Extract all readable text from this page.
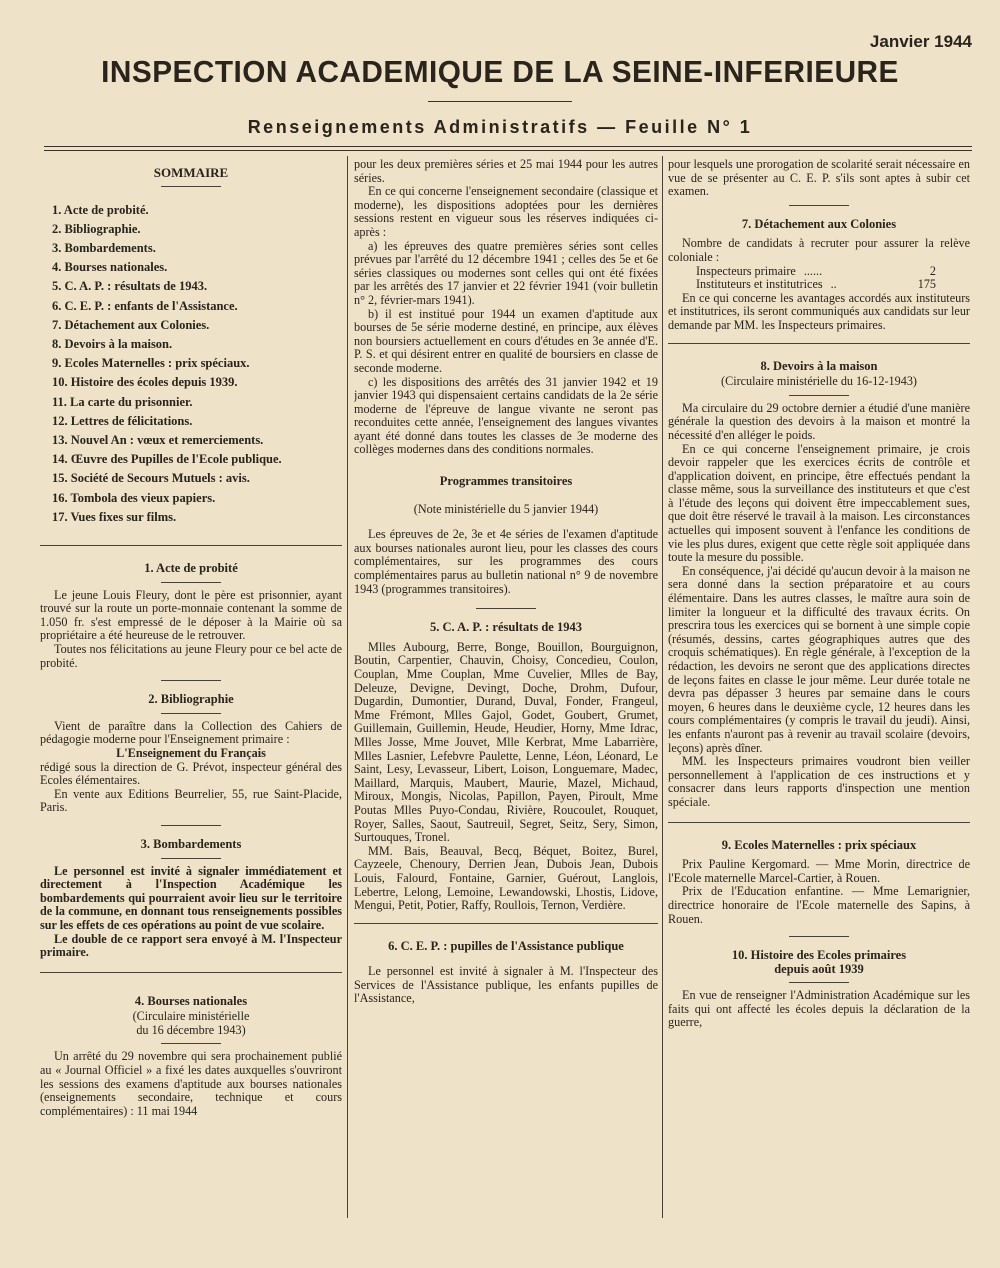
Janvier 1944
INSPECTION ACADEMIQUE DE LA SEINE-INFERIEURE
Renseignements Administratifs — Feuille N° 1
SOMMAIRE
1. Acte de probité.
2. Bibliographie.
3. Bombardements.
4. Bourses nationales.
5. C. A. P. : résultats de 1943.
6. C. E. P. : enfants de l'Assistance.
7. Détachement aux Colonies.
8. Devoirs à la maison.
9. Ecoles Maternelles : prix spéciaux.
10. Histoire des écoles depuis 1939.
11. La carte du prisonnier.
12. Lettres de félicitations.
13. Nouvel An : vœux et remerciements.
14. Œuvre des Pupilles de l'Ecole publique.
15. Société de Secours Mutuels : avis.
16. Tombola des vieux papiers.
17. Vues fixes sur films.
1. Acte de probité

Le jeune Louis Fleury, dont le père est prisonnier, ayant trouvé sur la route un porte-monnaie contenant la somme de 1.050 fr. s'est empressé de le déposer à la Mairie où sa propriétaire a été heureuse de le retrouver.

Toutes nos félicitations au jeune Fleury pour ce bel acte de probité.

2. Bibliographie

Vient de paraître dans la Collection des Cahiers de pédagogie moderne pour l'Enseignement primaire :

L'Enseignement du Français

rédigé sous la direction de G. Prévot, inspecteur général des Ecoles élémentaires.

En vente aux Editions Beurrelier, 55, rue Saint-Placide, Paris.

3. Bombardements

Le personnel est invité à signaler immédiatement et directement à l'Inspection Académique les bombardements qui pourraient avoir lieu sur le territoire de la commune, en donnant tous renseignements possibles sur les effets de ces opérations au point de vue scolaire.

Le double de ce rapport sera envoyé à M. l'Inspecteur primaire.

4. Bourses nationales
(Circulaire ministérielle
du 16 décembre 1943)

Un arrêté du 29 novembre qui sera prochainement publié au « Journal Officiel » a fixé les dates auxquelles s'ouvriront les sessions des examens d'aptitude aux bourses nationales (enseignements secondaire, technique et cours complémentaires) : 11 mai 1944

pour les deux premières séries et 25 mai 1944 pour les autres séries.

En ce qui concerne l'enseignement secondaire (classique et moderne), les dispositions adoptées pour les dernières sessions restent en vigueur sous les réserves indiquées ci-après :

a) les épreuves des quatre premières séries sont celles prévues par l'arrêté du 12 décembre 1941 ; celles des 5e et 6e séries classiques ou modernes sont celles qui ont été fixées par les arrêtés des 17 janvier et 22 février 1941 (voir bulletin n° 2, février-mars 1941).

b) il est institué pour 1944 un examen d'aptitude aux bourses de 5e série moderne destiné, en principe, aux élèves non boursiers actuellement en cours d'études en 3e année d'E. P. S. et qui désirent entrer en qualité de boursiers en classe de seconde moderne.

c) les dispositions des arrêtés des 31 janvier 1942 et 19 janvier 1943 qui dispensaient certains candidats de la 2e série moderne de l'épreuve de langue vivante ne seront pas reconduites cette année, l'enseignement des langues vivantes ayant été donné dans toutes les classes de 3e moderne des collèges modernes dans des conditions normales.

Programmes transitoires
(Note ministérielle du 5 janvier 1944)

Les épreuves de 2e, 3e et 4e séries de l'examen d'aptitude aux bourses nationales auront lieu, pour les classes des cours complémentaires, sur les programmes des cours complémentaires parus au bulletin national n° 9 de novembre 1943 (programmes transitoires).

5. C. A. P. : résultats de 1943

Mlles Aubourg, Berre, Bonge, Bouillon, Bourguignon, Boutin, Carpentier, Chauvin, Choisy, Concedieu, Coulon, Couplan, Mme Couplan, Mme Cuvelier, Mlles de Bay, Deleuze, Devigne, Devingt, Doche, Drohm, Dufour, Dugardin, Dumontier, Durand, Duval, Fonder, Frangeul, Mme Frémont, Mlles Gajol, Godet, Goubert, Grumet, Guillemain, Guillemin, Heude, Heudier, Horny, Mme Idrac, Mlles Josse, Mme Jouvet, Mlle Kerbrat, Mme Labarrière, Mlles Lasnier, Lefebvre Paulette, Lenne, Léon, Léonard, Le Saint, Lesy, Levasseur, Libert, Loison, Longuemare, Madec, Maillard, Marquis, Maubert, Maurie, Mazel, Michaud, Miroux, Mongis, Nicolas, Papillon, Payen, Piroult, Mme Poutas Mlles Puyo-Condau, Rivière, Roucoulet, Rouquet, Royer, Salles, Saout, Sautreuil, Segret, Seitz, Sery, Simon, Surtouques, Tronel.

MM. Bais, Beauval, Becq, Béquet, Boitez, Burel, Cayzeele, Chenoury, Derrien Jean, Dubois Jean, Dubois Louis, Falourd, Fontaine, Garnier, Guérout, Langlois, Lebertre, Lelong, Lemoine, Lewandowski, Lhostis, Lidove, Mengui, Petit, Potier, Raffy, Roullois, Ternon, Verdière.

6. C. E. P. : pupilles de l'Assistance publique

Le personnel est invité à signaler à M. l'Inspecteur des Services de l'Assistance publique, les enfants pupilles de l'Assistance,

pour lesquels une prorogation de scolarité serait nécessaire en vue de se présenter au C. E. P. s'ils sont aptes à subir cet examen.

7. Détachement aux Colonies

Nombre de candidats à recruter pour assurer la relève coloniale :

Inspecteurs primaire ......	2
Instituteurs et institutrices ..	175

En ce qui concerne les avantages accordés aux instituteurs et institutrices, ils seront communiqués aux candidats sur leur demande par MM. les Inspecteurs primaires.

8. Devoirs à la maison
(Circulaire ministérielle du 16-12-1943)

Ma circulaire du 29 octobre dernier a étudié d'une manière générale la question des devoirs à la maison et montré la nécessité d'en alléger le poids.

En ce qui concerne l'enseignement primaire, je crois devoir rappeler que les exercices écrits de contrôle et d'application doivent, en principe, être effectués pendant la classe même, sous la surveillance des instituteurs et que c'est à l'étude des leçons qui doivent être impeccablement sues, que doit être réservé le travail à la maison. Les circonstances actuelles qui imposent souvent à l'enfance les conditions de vie les plus dures, exigent que cette règle soit appliquée dans toute la mesure du possible.

En conséquence, j'ai décidé qu'aucun devoir à la maison ne sera donné dans la section préparatoire et au cours élémentaire. Dans les autres classes, le maître aura soin de limiter la longueur et la difficulté des travaux écrits. On prescrira tous les exercices qui se bornent à une simple copie (résumés, dessins, cartes géographiques autres que des croquis schématiques). En règle générale, à l'exception de la rédaction, les devoirs ne seront que des applications directes de leçons faites en classe le jour même. Leur durée totale ne devra pas dépasser 3 heures par semaine dans le cours moyen, 6 heures dans le deuxième cycle, 12 heures dans les cours complémentaires (y compris le travail du jeudi). Ainsi, les enfants n'auront pas à revenir au travail scolaire (devoirs, leçons) après dîner.

MM. les Inspecteurs primaires voudront bien veiller personnellement à l'application de ces instructions et y consacrer dans leurs rapports d'inspection une mention spéciale.

9. Ecoles Maternelles : prix spéciaux

Prix Pauline Kergomard. — Mme Morin, directrice de l'Ecole maternelle Marcel-Cartier, à Rouen.

Prix de l'Education enfantine. — Mme Lemarignier, directrice honoraire de l'Ecole maternelle des Sapins, à Rouen.

10. Histoire des Ecoles primaires
depuis août 1939

En vue de renseigner l'Administration Académique sur les faits qui ont affecté les écoles depuis la déclaration de la guerre,
